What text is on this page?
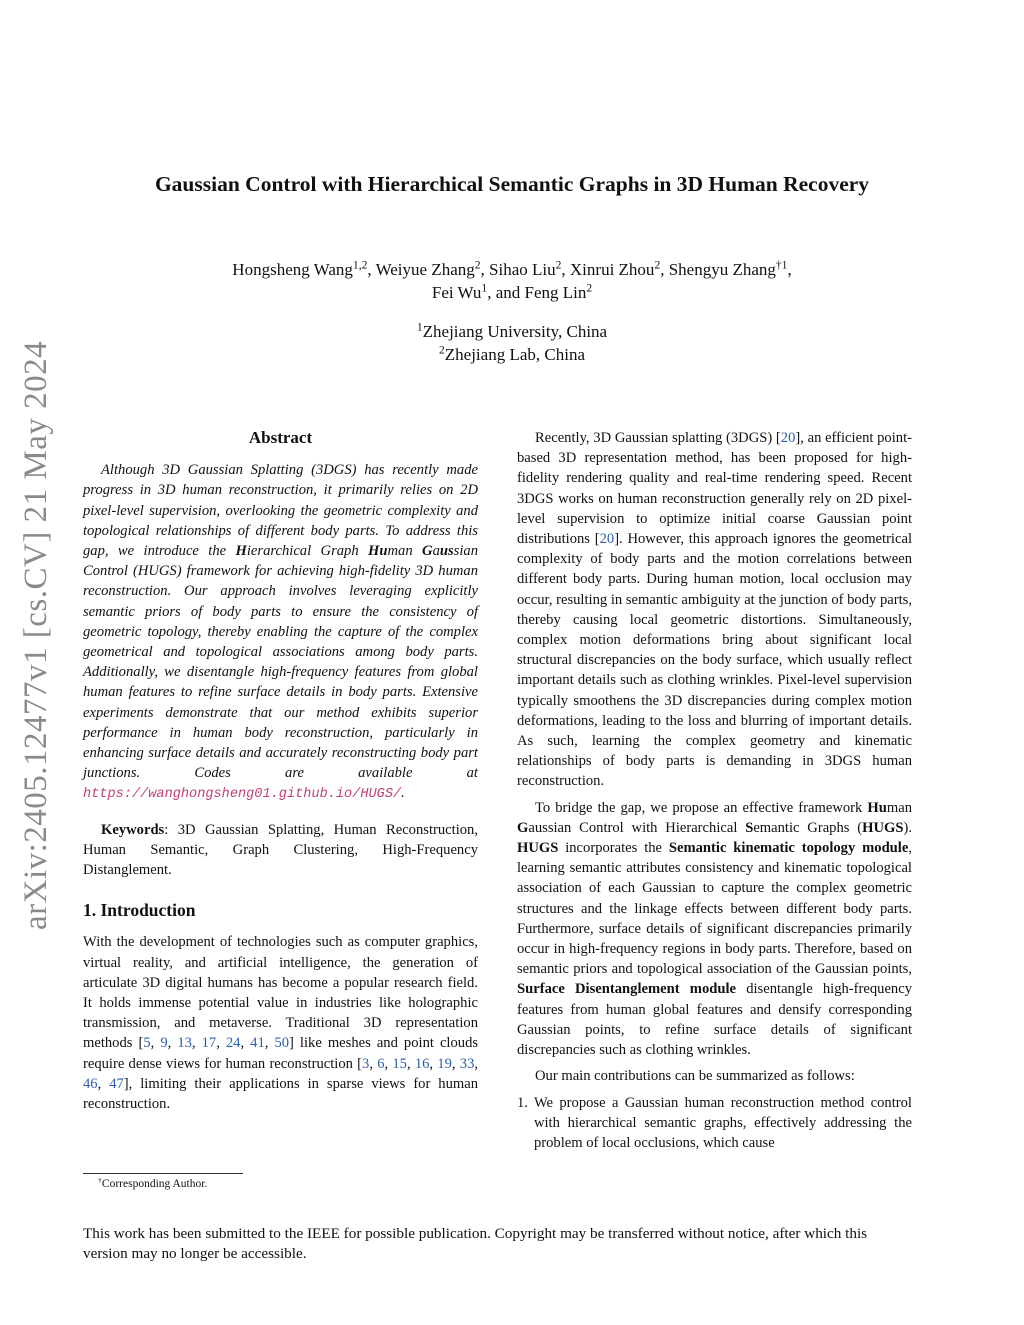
arXiv:2405.12477v1 [cs.CV] 21 May 2024
Gaussian Control with Hierarchical Semantic Graphs in 3D Human Recovery
Hongsheng Wang$^{1,2}$, Weiyue Zhang$^2$, Sihao Liu$^2$, Xinrui Zhou$^2$, Shengyu Zhang$^{\dagger 1}$,
Fei Wu$^1$, and Feng Lin$^2$
$^1$Zhejiang University, China
$^2$Zhejiang Lab, China
Abstract

Although 3D Gaussian Splatting (3DGS) has recently made progress in 3D human reconstruction, it primarily relies on 2D pixel-level supervision, overlooking the geometric complexity and topological relationships of different body parts. To address this gap, we introduce the Hierarchical Graph Human Gaussian Control (HUGS) framework for achieving high-fidelity 3D human reconstruction. Our approach involves leveraging explicitly semantic priors of body parts to ensure the consistency of geometric topology, thereby enabling the capture of the complex geometrical and topological associations among body parts. Additionally, we disentangle high-frequency features from global human features to refine surface details in body parts. Extensive experiments demonstrate that our method exhibits superior performance in human body reconstruction, particularly in enhancing surface details and accurately reconstructing body part junctions. Codes are available at https://wanghongsheng01.github.io/HUGS/.

Keywords: 3D Gaussian Splatting, Human Reconstruction, Human Semantic, Graph Clustering, High-Frequency Distanglement.

1. Introduction

With the development of technologies such as computer graphics, virtual reality, and artificial intelligence, the generation of articulate 3D digital humans has become a popular research field. It holds immense potential value in industries like holographic transmission, and metaverse. Traditional 3D representation methods [5, 9, 13, 17, 24, 41, 50] like meshes and point clouds require dense views for human reconstruction [3, 6, 15, 16, 19, 33, 46, 47], limiting their applications in sparse views for human reconstruction.

Recently, 3D Gaussian splatting (3DGS) [20], an efficient point-based 3D representation method, has been proposed for high-fidelity rendering quality and real-time rendering speed. Recent 3DGS works on human reconstruction generally rely on 2D pixel-level supervision to optimize initial coarse Gaussian point distributions [20]. However, this approach ignores the geometrical complexity of body parts and the motion correlations between different body parts. During human motion, local occlusion may occur, resulting in semantic ambiguity at the junction of body parts, thereby causing local geometric distortions. Simultaneously, complex motion deformations bring about significant local structural discrepancies on the body surface, which usually reflect important details such as clothing wrinkles. Pixel-level supervision typically smoothens the 3D discrepancies during complex motion deformations, leading to the loss and blurring of important details. As such, learning the complex geometry and kinematic relationships of body parts is demanding in 3DGS human reconstruction.

To bridge the gap, we propose an effective framework Human Gaussian Control with Hierarchical Semantic Graphs (HUGS). HUGS incorporates the Semantic kinematic topology module, learning semantic attributes consistency and kinematic topological association of each Gaussian to capture the complex geometric structures and the linkage effects between different body parts. Furthermore, surface details of significant discrepancies primarily occur in high-frequency regions in body parts. Therefore, based on semantic priors and topological association of the Gaussian points, Surface Disentanglement module disentangle high-frequency features from human global features and densify corresponding Gaussian points, to refine surface details of significant discrepancies such as clothing wrinkles.

Our main contributions can be summarized as follows:

1. We propose a Gaussian human reconstruction method control with hierarchical semantic graphs, effectively addressing the problem of local occlusions, which cause
†Corresponding Author.
This work has been submitted to the IEEE for possible publication. Copyright may be transferred without notice, after which this version may no longer be accessible.
